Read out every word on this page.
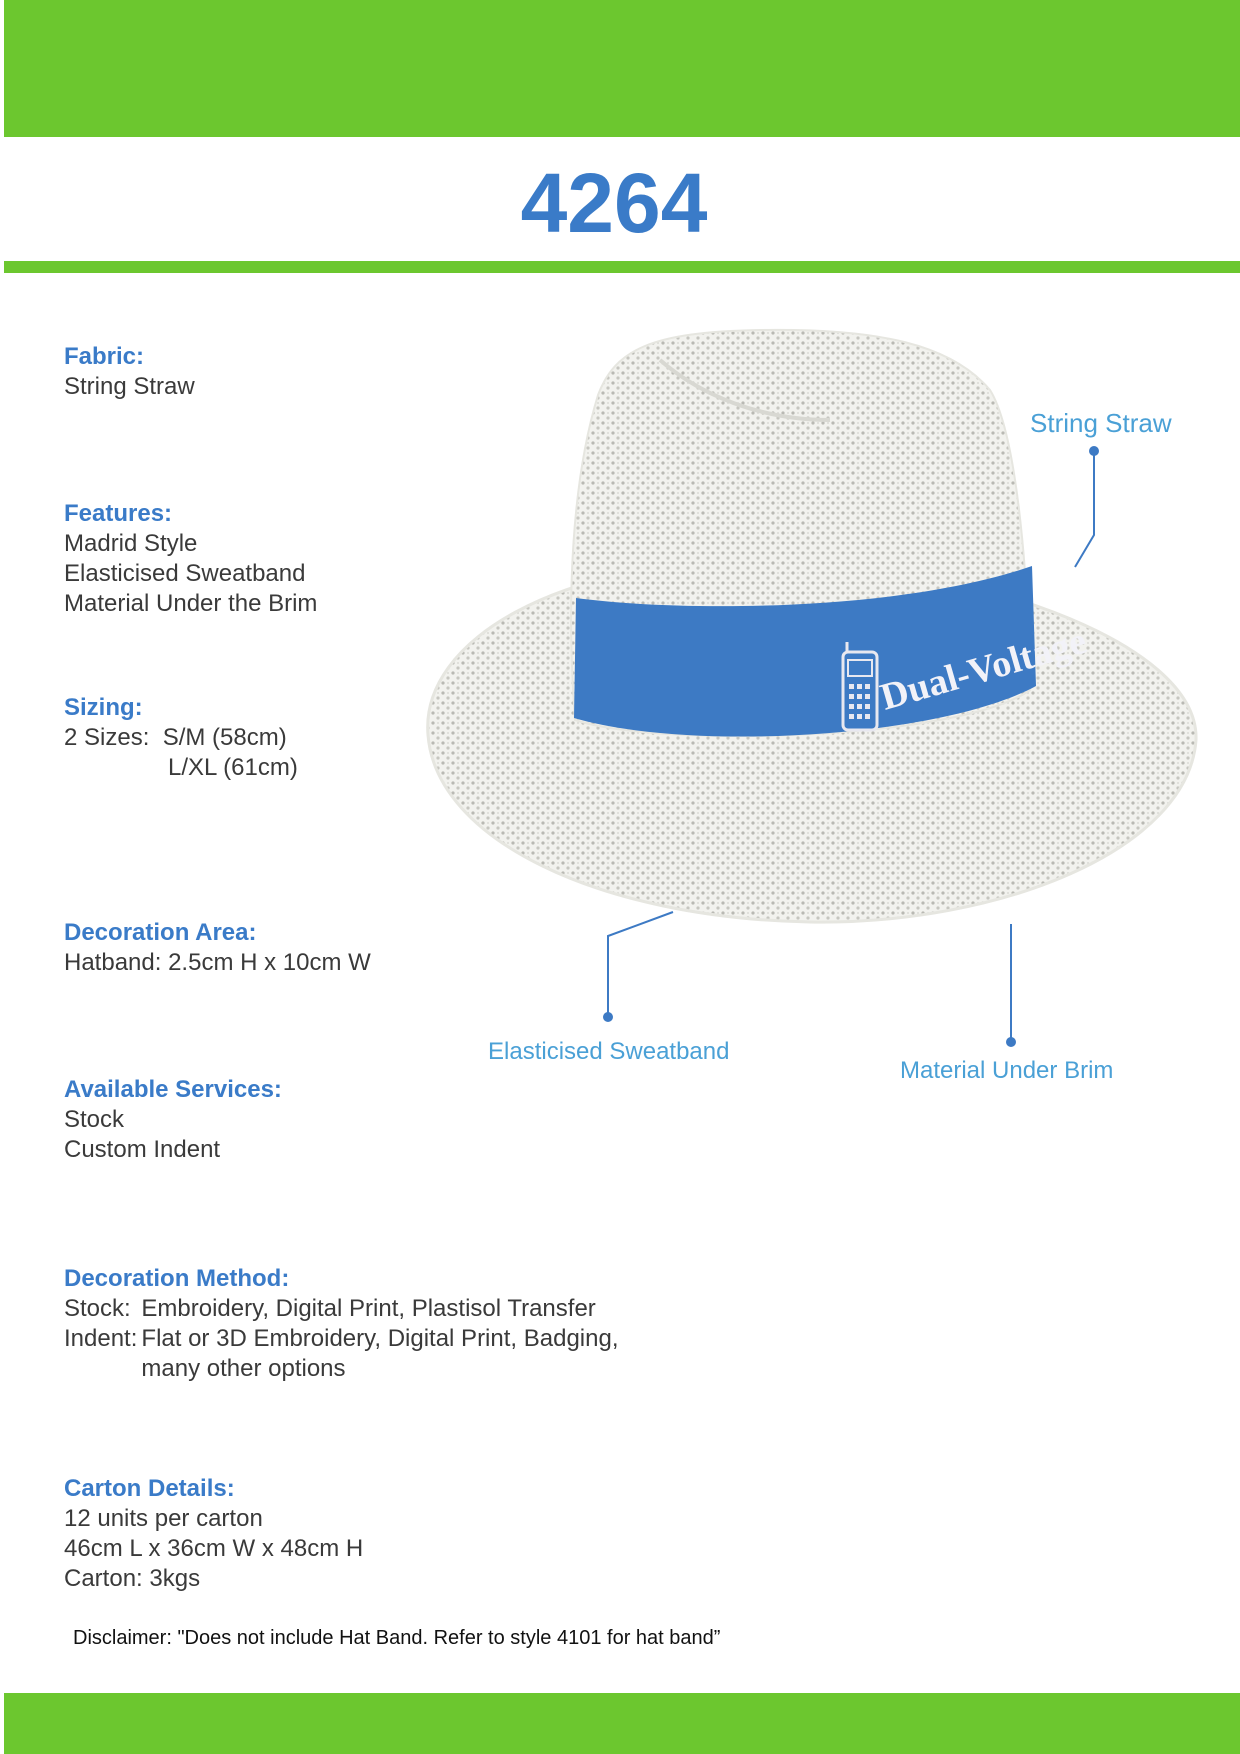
4264
Fabric:
String Straw
Features:
Madrid Style
Elasticised Sweatband
Material Under the Brim
Sizing:
2 Sizes: S/M (58cm)
L/XL (61cm)
Decoration Area:
Hatband: 2.5cm H x 10cm W
Available Services:
Stock
Custom Indent
Decoration Method:
Stock:	Embroidery, Digital Print, Plastisol Transfer
Indent:	Flat or 3D Embroidery, Digital Print, Badging,
	many other options
Carton Details:
12 units per carton
46cm L x 36cm W x 48cm H
Carton: 3kgs
Disclaimer: "Does not include Hat Band. Refer to style 4101 for hat band”
Dual-Voltage
String Straw
Elasticised Sweatband
Material Under Brim
